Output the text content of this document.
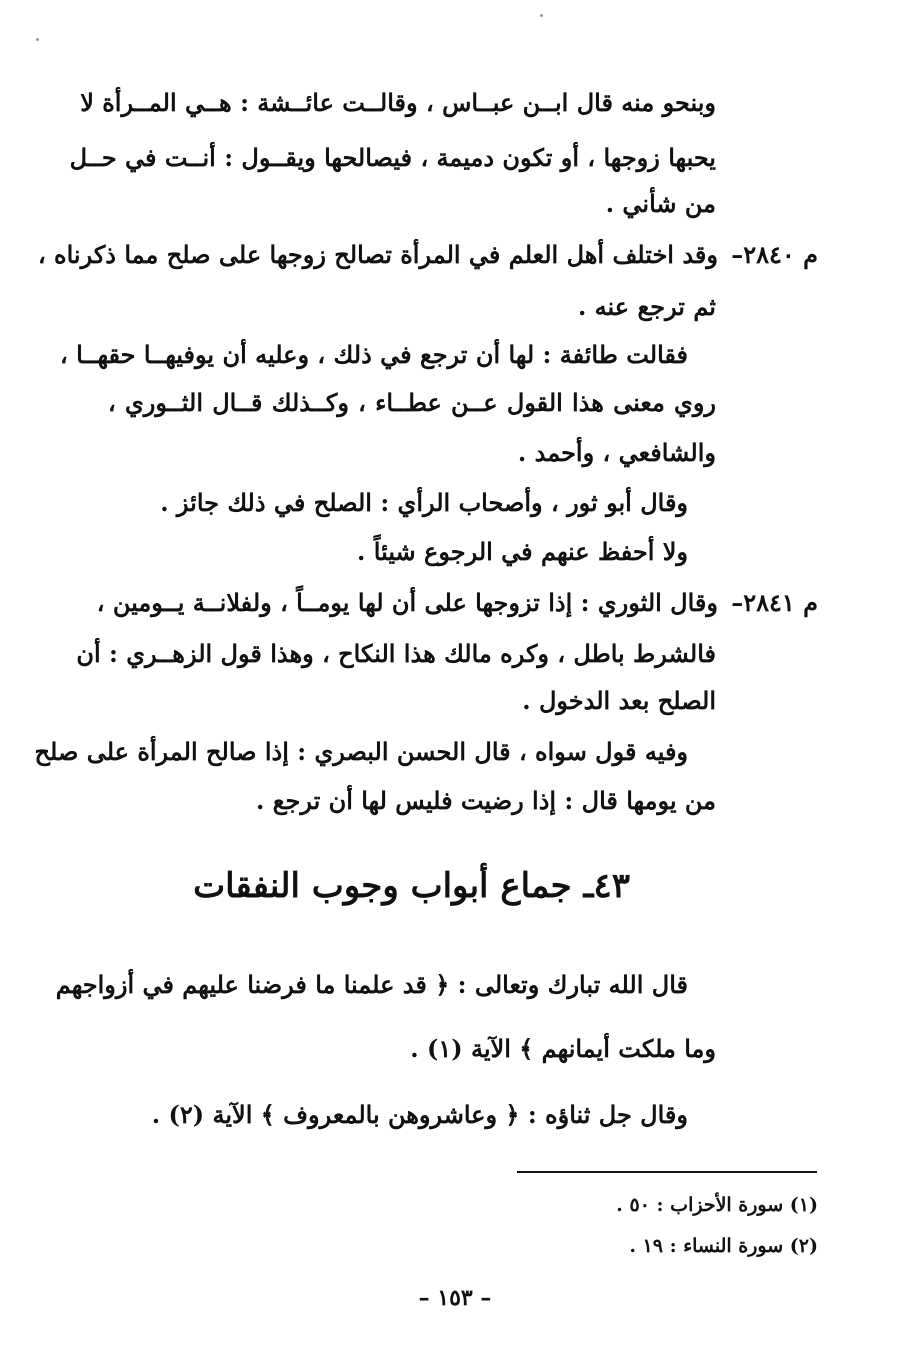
وبنحو منه قال ابــن عبــاس ، وقالــت عائــشة : هــي المــرأة لا
يحبها زوجها ، أو تكون دميمة ، فيصالحها ويقــول : أنــت في حــل
من شأني .
م ٢٨٤٠–
وقد اختلف أهل العلم في المرأة تصالح زوجها على صلح مما ذكرناه ،
ثم ترجع عنه .
فقالت طائفة : لها أن ترجع في ذلك ، وعليه أن يوفيهــا حقهــا ،
روي معنى هذا القول عــن عطــاء ، وكــذلك قــال الثــوري ،
والشافعي ، وأحمد .
وقال أبو ثور ، وأصحاب الرأي : الصلح في ذلك جائز .
ولا أحفظ عنهم في الرجوع شيئاً .
م ٢٨٤١–
وقال الثوري : إذا تزوجها على أن لها يومــاً ، ولفلانــة يــومين ،
فالشرط باطل ، وكره مالك هذا النكاح ، وهذا قول الزهــري : أن
الصلح بعد الدخول .
وفيه قول سواه ، قال الحسن البصري : إذا صالح المرأة على صلح
من يومها قال : إذا رضيت فليس لها أن ترجع .
٤٣ـ جماع أبواب وجوب النفقات
قال الله تبارك وتعالى : ﴿ قد علمنا ما فرضنا عليهم في أزواجهم
وما ملكت أيمانهم ﴾ الآية (١) .
وقال جل ثناؤه : ﴿ وعاشروهن بالمعروف ﴾ الآية (٢) .
(١) سورة الأحزاب : ٥٠ .
(٢) سورة النساء : ١٩ .
– ١٥٣ –
